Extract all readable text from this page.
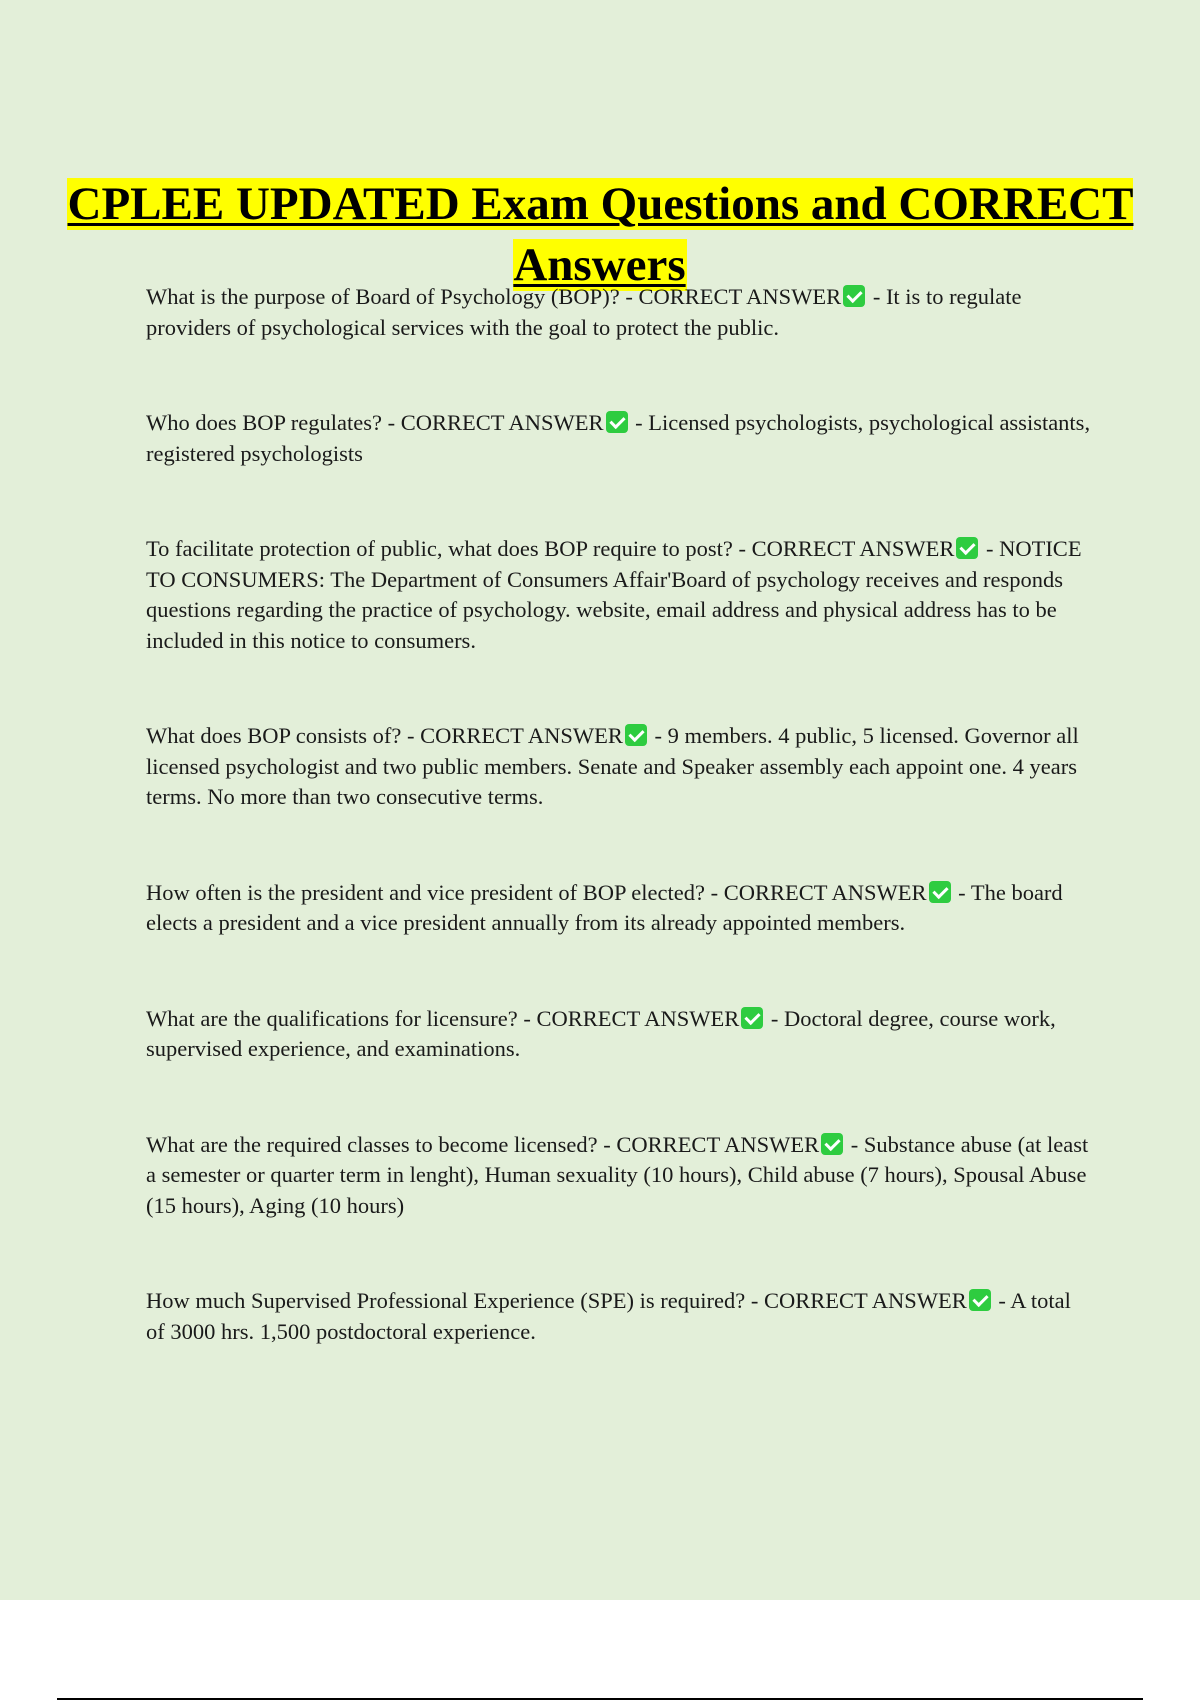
CPLEE UPDATED Exam Questions and CORRECT Answers

What is the purpose of Board of Psychology (BOP)? - CORRECT ANSWER - It is to regulate providers of psychological services with the goal to protect the public.

Who does BOP regulates? - CORRECT ANSWER - Licensed psychologists, psychological assistants, registered psychologists

To facilitate protection of public, what does BOP require to post? - CORRECT ANSWER - NOTICE TO CONSUMERS: The Department of Consumers Affair'Board of psychology receives and responds questions regarding the practice of psychology. website, email address and physical address has to be included in this notice to consumers.

What does BOP consists of? - CORRECT ANSWER - 9 members. 4 public, 5 licensed. Governor all licensed psychologist and two public members. Senate and Speaker assembly each appoint one. 4 years terms. No more than two consecutive terms.

How often is the president and vice president of BOP elected? - CORRECT ANSWER - The board elects a president and a vice president annually from its already appointed members.

What are the qualifications for licensure? - CORRECT ANSWER - Doctoral degree, course work, supervised experience, and examinations.

What are the required classes to become licensed? - CORRECT ANSWER - Substance abuse (at least a semester or quarter term in lenght), Human sexuality (10 hours), Child abuse (7 hours), Spousal Abuse (15 hours), Aging (10 hours)

How much Supervised Professional Experience (SPE) is required? - CORRECT ANSWER - A total of 3000 hrs. 1,500 postdoctoral experience.
